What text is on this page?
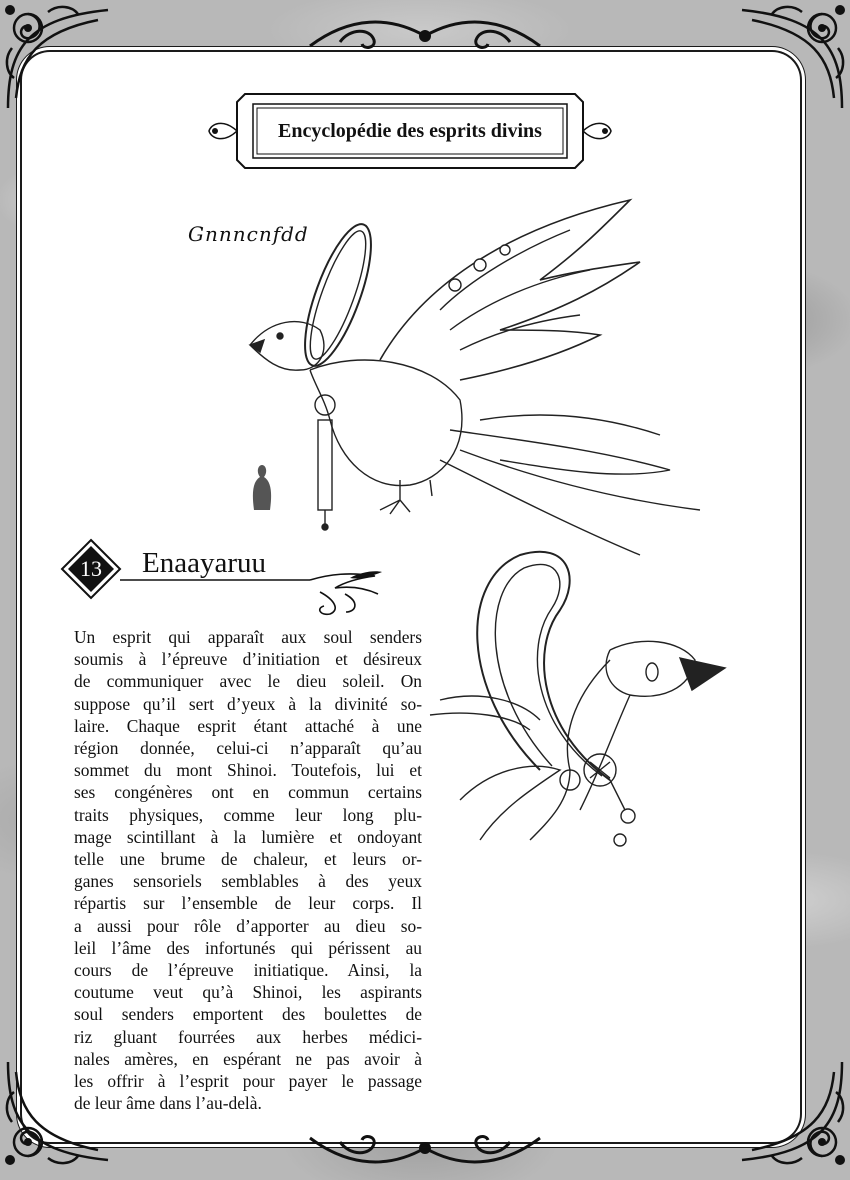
Encyclopédie des esprits divins
Gnnncnfdd
13	Enaayaruu
Un esprit qui apparaît aux soul senders
soumis à l’épreuve d’initiation et désireux
de communiquer avec le dieu soleil. On
suppose qu’il sert d’yeux à la divinité so-
laire. Chaque esprit étant attaché à une
région donnée, celui-ci n’apparaît qu’au
sommet du mont Shinoi. Toutefois, lui et
ses congénères ont en commun certains
traits physiques, comme leur long plu-
mage scintillant à la lumière et ondoyant
telle une brume de chaleur, et leurs or-
ganes sensoriels semblables à des yeux
répartis sur l’ensemble de leur corps. Il
a aussi pour rôle d’apporter au dieu so-
leil l’âme des infortunés qui périssent au
cours de l’épreuve initiatique. Ainsi, la
coutume veut qu’à Shinoi, les aspirants
soul senders emportent des boulettes de
riz gluant fourrées aux herbes médici-
nales amères, en espérant ne pas avoir à
les offrir à l’esprit pour payer le passage
de leur âme dans l’au-delà.
